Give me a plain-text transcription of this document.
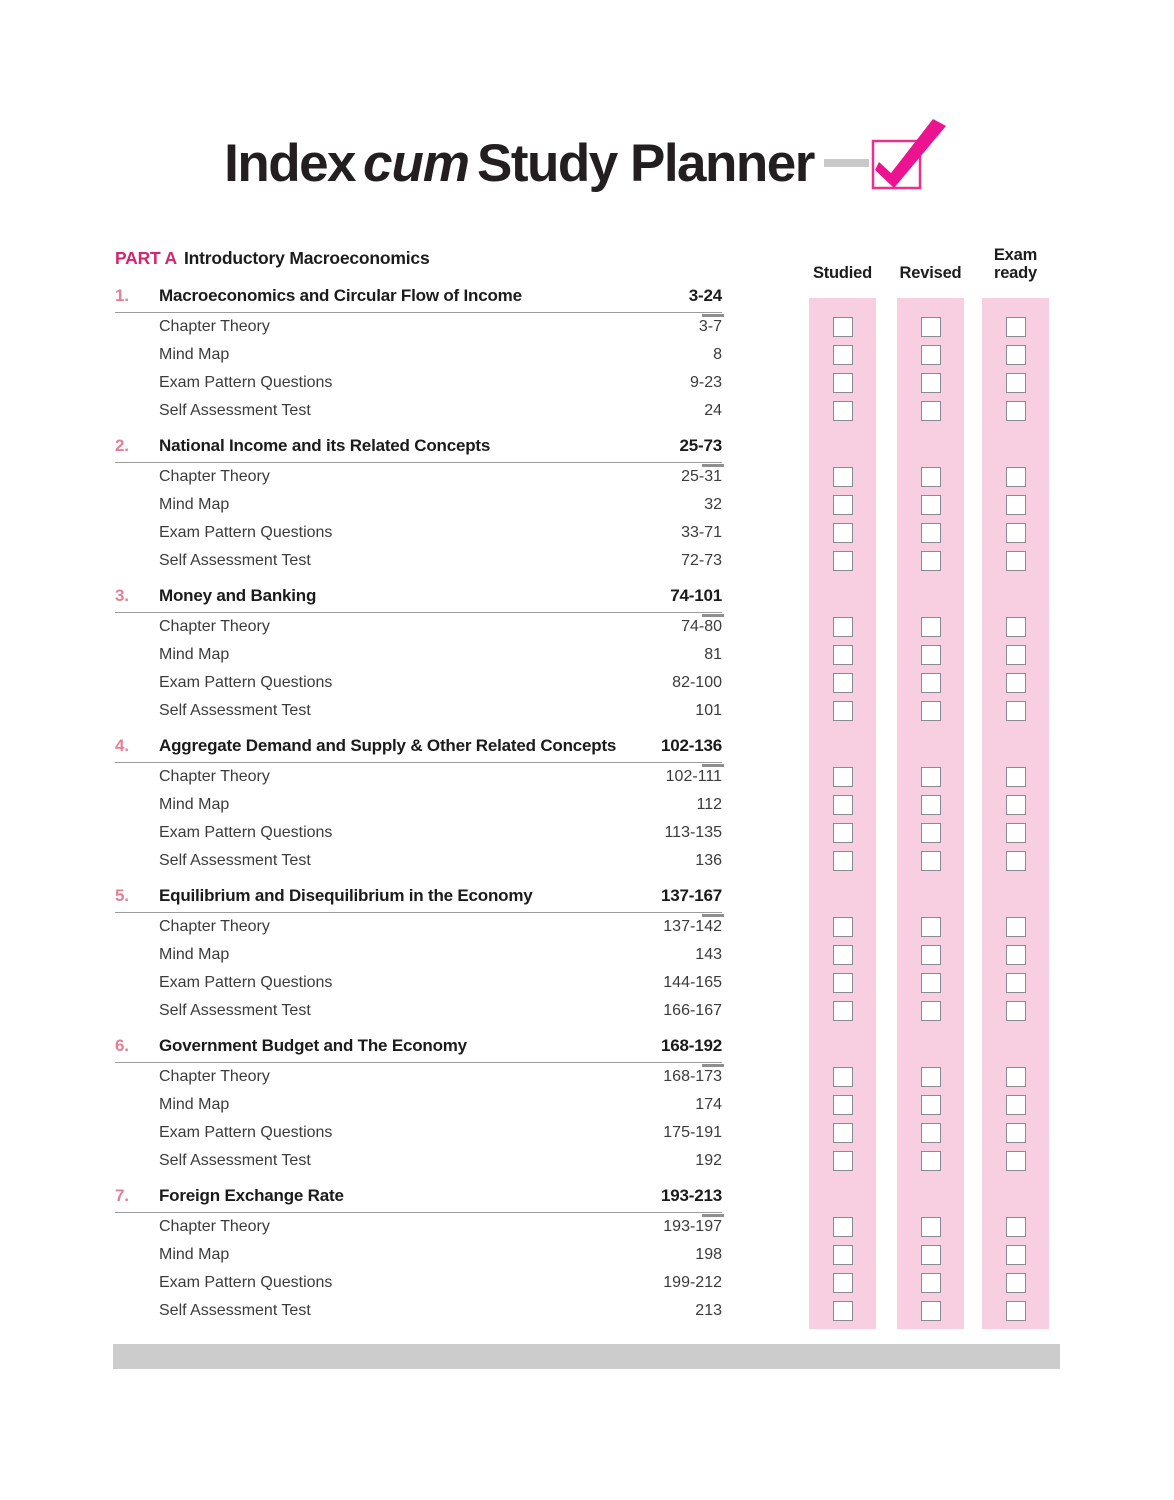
Index cum Study Planner
PART A Introductory Macroeconomics
Studied Revised
Exam
ready
1.	Macroeconomics and Circular Flow of Income	3-24
Chapter Theory	3-7
Mind Map	8
Exam Pattern Questions	9-23
Self Assessment Test	24
2.	National Income and its Related Concepts	25-73
Chapter Theory	25-31
Mind Map	32
Exam Pattern Questions	33-71
Self Assessment Test	72-73
3.	Money and Banking	74-101
Chapter Theory	74-80
Mind Map	81
Exam Pattern Questions	82-100
Self Assessment Test	101
4.	Aggregate Demand and Supply & Other Related Concepts	102-136
Chapter Theory	102-111
Mind Map	112
Exam Pattern Questions	113-135
Self Assessment Test	136
5.	Equilibrium and Disequilibrium in the Economy	137-167
Chapter Theory	137-142
Mind Map	143
Exam Pattern Questions	144-165
Self Assessment Test	166-167
6.	Government Budget and The Economy	168-192
Chapter Theory	168-173
Mind Map	174
Exam Pattern Questions	175-191
Self Assessment Test	192
7.	Foreign Exchange Rate	193-213
Chapter Theory	193-197
Mind Map	198
Exam Pattern Questions	199-212
Self Assessment Test	213
